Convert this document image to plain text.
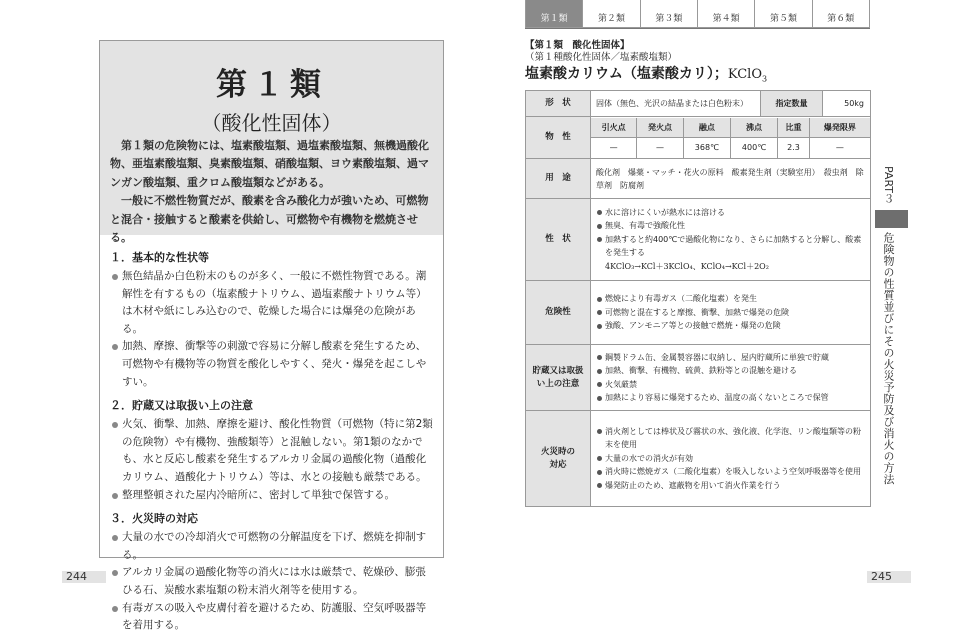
第１類
（酸化性固体）

第１類の危険物には、塩素酸塩類、過塩素酸塩類、無機過酸化物、亜塩素酸塩類、臭素酸塩類、硝酸塩類、ヨウ素酸塩類、過マンガン酸塩類、重クロム酸塩類などがある。

一般に不燃性物質だが、酸素を含み酸化力が強いため、可燃物と混合・接触すると酸素を供給し、可燃物や有機物を燃焼させる。

１．基本的な性状等
無色結晶か白色粉末のものが多く、一般に不燃性物質である。潮解性を有するもの（塩素酸ナトリウム、過塩素酸ナトリウム等）は木材や紙にしみ込むので、乾燥した場合には爆発の危険がある。
加熱、摩擦、衝撃等の刺激で容易に分解し酸素を発生するため、可燃物や有機物等の物質を酸化しやすく、発火・爆発を起こしやすい。
２．貯蔵又は取扱い上の注意
火気、衝撃、加熱、摩擦を避け、酸化性物質（可燃物（特に第2類の危険物）や有機物、強酸類等）と混触しない。第1類のなかでも、水と反応し酸素を発生するアルカリ金属の過酸化物（過酸化カリウム、過酸化ナトリウム）等は、水との接触も厳禁である。
整理整頓された屋内冷暗所に、密封して単独で保管する。
３．火災時の対応
大量の水での冷却消火で可燃物の分解温度を下げ、燃焼を抑制する。
アルカリ金属の過酸化物等の消火には水は厳禁で、乾燥砂、膨張ひる石、炭酸水素塩類の粉末消火剤等を使用する。
有毒ガスの吸入や皮膚付着を避けるため、防護服、空気呼吸器等を着用する。
244
第１類	第２類	第３類	第４類	第５類	第６類
【第１類　酸化性固体】
（第１種酸化性固体／塩素酸塩類）
塩素酸カリウム（塩素酸カリ）；KClO$_3$
形　状	固体（無色、光沢の結晶または白色粉末）	指定数量	50kg
物　性	
引火点	発火点	融点	沸点	比重	爆発限界
—	—	368℃	400℃	2.3	—

用　途	酸化剤　爆薬・マッチ・花火の原料　酸素発生剤（実験室用）　殺虫剤　除草剤　防腐剤
性　状	
水に溶けにくいが熱水には溶ける
無臭、有毒で強酸化性
加熱すると約400℃で過酸化物になり、さらに加熱すると分解し、酸素を発生する
4KClO₃→KCl＋3KClO₄、KClO₄→KCl＋2O₂

危険性	
燃焼により有毒ガス（二酸化塩素）を発生
可燃物と混在すると摩擦、衝撃、加熱で爆発の危険
強酸、アンモニア等との接触で燃焼・爆発の危険

貯蔵又は取扱い上の注意	
鋼製ドラム缶、金属製容器に収納し、屋内貯蔵所に単独で貯蔵
加熱、衝撃、有機物、硫黄、鉄粉等との混触を避ける
火気厳禁
加熱により容易に爆発するため、温度の高くないところで保管

火災時の対応	
消火剤としては棒状及び霧状の水、強化液、化学泡、リン酸塩類等の粉末を使用
大量の水での消火が有効
消火時に燃焼ガス（二酸化塩素）を吸入しないよう空気呼吸器等を使用
爆発防止のため、遮蔽物を用いて消火作業を行う
PART３
危険物の性質並びにその火災予防及び消火の方法
245
